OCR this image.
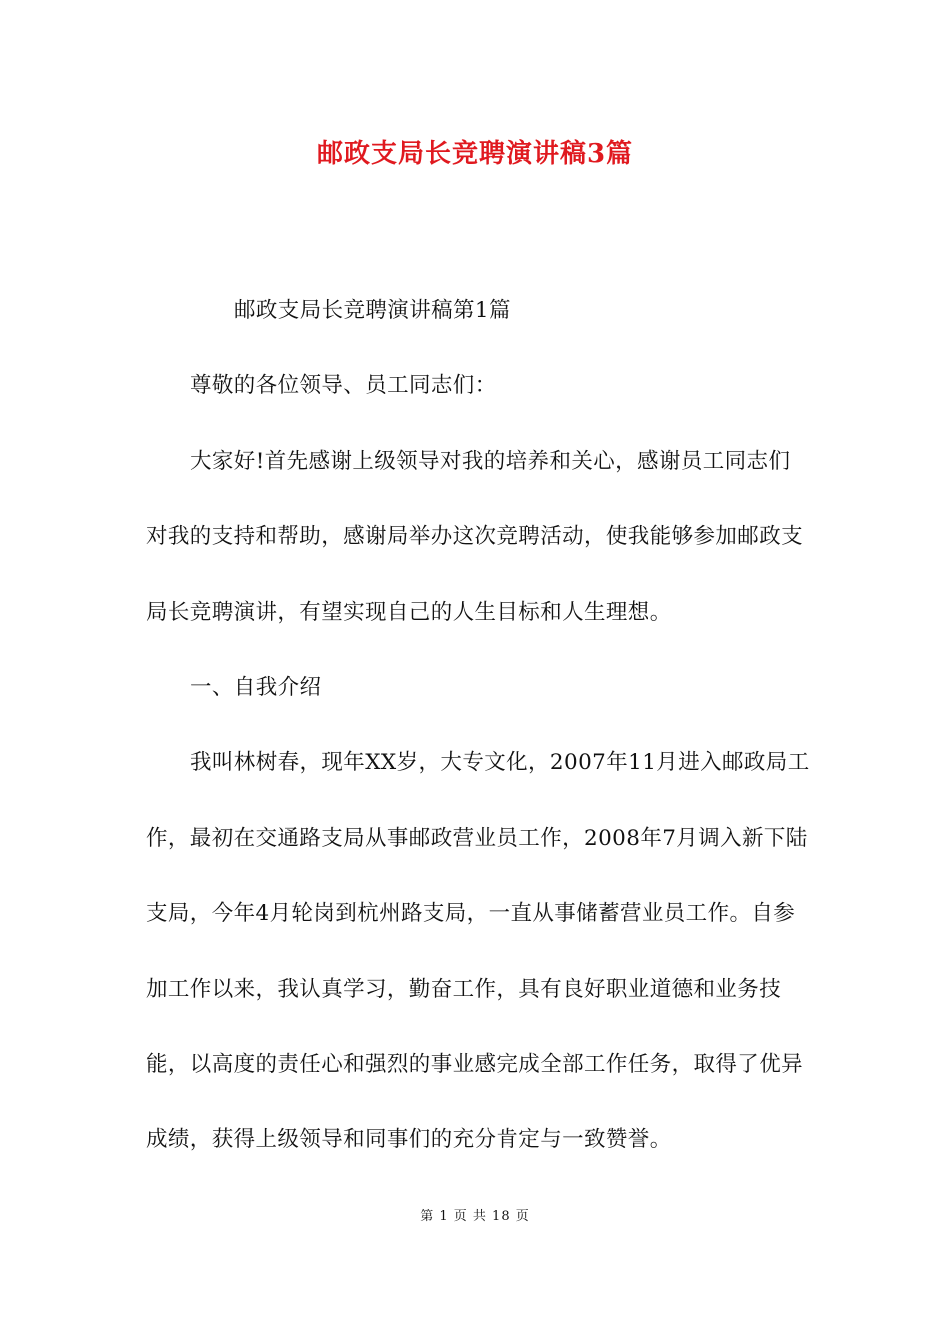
邮政支局长竞聘演讲稿3篇

邮政支局长竞聘演讲稿第1篇

尊敬的各位领导、员工同志们：

大家好!首先感谢上级领导对我的培养和关心，感谢员工同志们对我的支持和帮助，感谢局举办这次竞聘活动，使我能够参加邮政支局长竞聘演讲，有望实现自己的人生目标和人生理想。

一、自我介绍

我叫林树春，现年XX岁，大专文化，2007年11月进入邮政局工作，最初在交通路支局从事邮政营业员工作，2008年7月调入新下陆支局，今年4月轮岗到杭州路支局，一直从事储蓄营业员工作。自参加工作以来，我认真学习，勤奋工作，具有良好职业道德和业务技能，以高度的责任心和强烈的事业感完成全部工作任务，取得了优异成绩，获得上级领导和同事们的充分肯定与一致赞誉。

第 1 页 共 18 页
